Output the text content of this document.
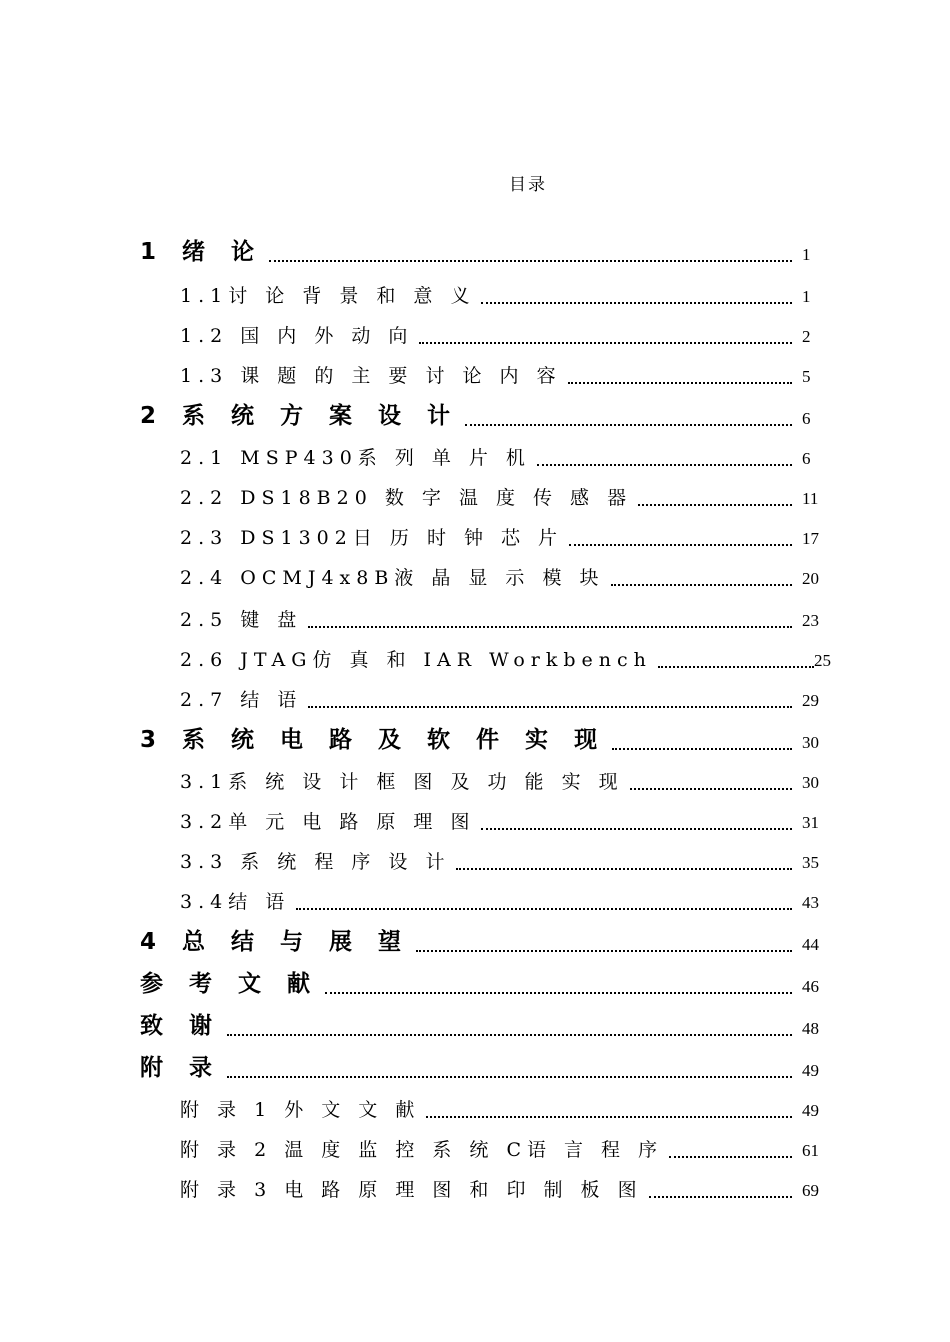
目录
1 绪 论	1
1.1讨 论 背 景 和 意 义	1
1.2 国 内 外 动 向	2
1.3 课 题 的 主 要 讨 论 内 容	5
2 系 统 方 案 设 计	6
2.1 MSP430系 列 单 片 机	6
2.2 DS18B20 数 字 温 度 传 感 器	11
2.3 DS1302日 历 时 钟 芯 片	17
2.4 OCMJ4x8B液 晶 显 示 模 块	20
2.5 键 盘	23
2.6 JTAG仿 真 和 IAR Workbench	25
2.7 结 语	29
3 系 统 电 路 及 软 件 实 现	30
3.1系 统 设 计 框 图 及 功 能 实 现	30
3.2单 元 电 路 原 理 图	31
3.3 系 统 程 序 设 计	35
3.4结 语	43
4 总 结 与 展 望	44
参 考 文 献	46
致 谢	48
附 录	49
附 录 1 外 文 文 献	49
附 录 2 温 度 监 控 系 统 C语 言 程 序	61
附 录 3 电 路 原 理 图 和 印 制 板 图	69
